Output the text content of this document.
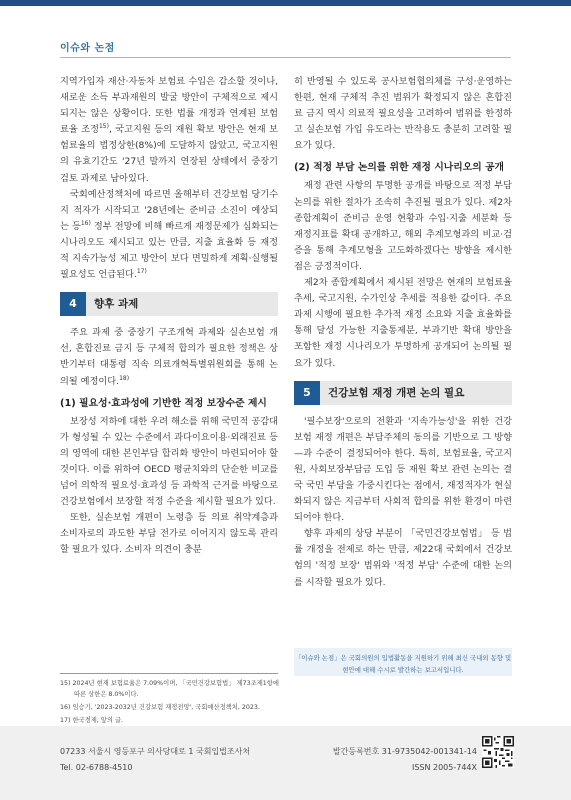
이슈와 논점

지역가입자 재산·자동차 보험료 수입은 감소할 것이나, 새로운 소득 부과재원의 발굴 방안이 구체적으로 제시되지는 않은 상황이다. 또한 법률 개정과 연계된 보험료율 조정$^{15)}$, 국고지원 등의 재원 확보 방안은 현재 보험료율의 법정상한(8%)에 도달하지 않았고, 국고지원의 유효기간도 '27년 말까지 연장된 상태에서 중장기 검토 과제로 남아있다.

국회예산정책처에 따르면 올해부터 건강보험 당기수지 적자가 시작되고 '28년에는 준비금 소진이 예상되는 등$^{16)}$ 정부 전망에 비해 빠르게 재정문제가 심화되는 시나리오도 제시되고 있는 만큼, 지출 효율화 등 재정적 지속가능성 제고 방안이 보다 면밀하게 계획·실행될 필요성도 언급된다.$^{17)}$

4	향후 과제

주요 과제 중 중장기 구조개혁 과제와 실손보험 개선, 혼합진료 금지 등 구체적 합의가 필요한 정책은 상반기부터 대통령 직속 의료개혁특별위원회를 통해 논의될 예정이다.$^{18)}$

(1) 필요성·효과성에 기반한 적정 보장수준 제시

보장성 저하에 대한 우려 해소를 위해 국민적 공감대가 형성될 수 있는 수준에서 과다이요이용·외래진료 등의 영역에 대한 본인부담 합리화 방안이 마련되어야 할 것이다. 이를 위하여 OECD 평균치와의 단순한 비교를 넘어 의학적 필요성·효과성 등 과학적 근거를 바탕으로 건강보험에서 보장할 적정 수준을 제시할 필요가 있다.

또한, 실손보험 개편이 노령층 등 의료 취약계층과 소비자로의 과도한 부담 전가로 이어지지 않도록 관리할 필요가 있다. 소비자 의견이 충분

15) 2024년 현재 보험료율은 7.09%이며, 「국민건강보험법」 제73조제1항에 따른 상한은 8.0%이다.
16) 임승기, '2023-2032년 건강보험 재정전망', 국회예산정책처, 2023.
17) 한국경제, 앞의 글.

히 반영될 수 있도록 공사보험협의체를 구성·운영하는 한편, 현재 구체적 추진 범위가 확정되지 않은 혼합진료 금지 역시 의료적 필요성을 고려하여 범위를 한정하고 실손보험 가입 유도라는 반작용도 충분히 고려할 필요가 있다.

(2) 적정 부담 논의를 위한 재정 시나리오의 공개

재정 관련 사항의 투명한 공개를 바탕으로 적정 부담 논의를 위한 절차가 조속히 추진될 필요가 있다. 제2차 종합계획이 준비금 운영 현황과 수입·지출 세분화 등 재정지표를 확대 공개하고, 해외 추계모형과의 비교·검증을 통해 추계모형을 고도화하겠다는 방향을 제시한 점은 긍정적이다.

제2차 종합계획에서 제시된 전망은 현재의 보험료율 추세, 국고지원, 수가인상 추세를 적용한 값이다. 주요 과제 시행에 필요한 추가적 재정 소요와 지출 효율화를 통해 달성 가능한 지출통제분, 부과기반 확대 방안을 포함한 재정 시나리오가 투명하게 공개되어 논의될 필요가 있다.

5	건강보험 재정 개편 논의 필요

'필수보장'으로의 전환과 '지속가능성'을 위한 건강보험 재정 개편은 부담주체의 동의를 기반으로 그 방향—과 수준이 결정되어야 한다. 특히, 보험료율, 국고지원, 사회보장부담금 도입 등 재원 확보 관련 논의는 결국 국민 부담을 가중시킨다는 점에서, 재정적자가 현실화되지 않은 지금부터 사회적 합의를 위한 환경이 마련되어야 한다.

향후 과제의 상당 부분이 「국민건강보험법」 등 법률 개정을 전제로 하는 만큼, 제22대 국회에서 건강보험의 '적정 보장' 범위와 '적정 부담' 수준에 대한 논의를 시작할 필요가 있다.

「이슈와 논점」은 국회의원의 입법활동을 지원하기 위해 최신 국내외 동향 및 현안에 대해 수시로 발간하는 보고서입니다.
07233 서울시 영등포구 의사당대로 1 국회입법조사처
Tel. 02-6788-4510
발간등록번호 31-9735042-001341-14
ISSN 2005-744X
